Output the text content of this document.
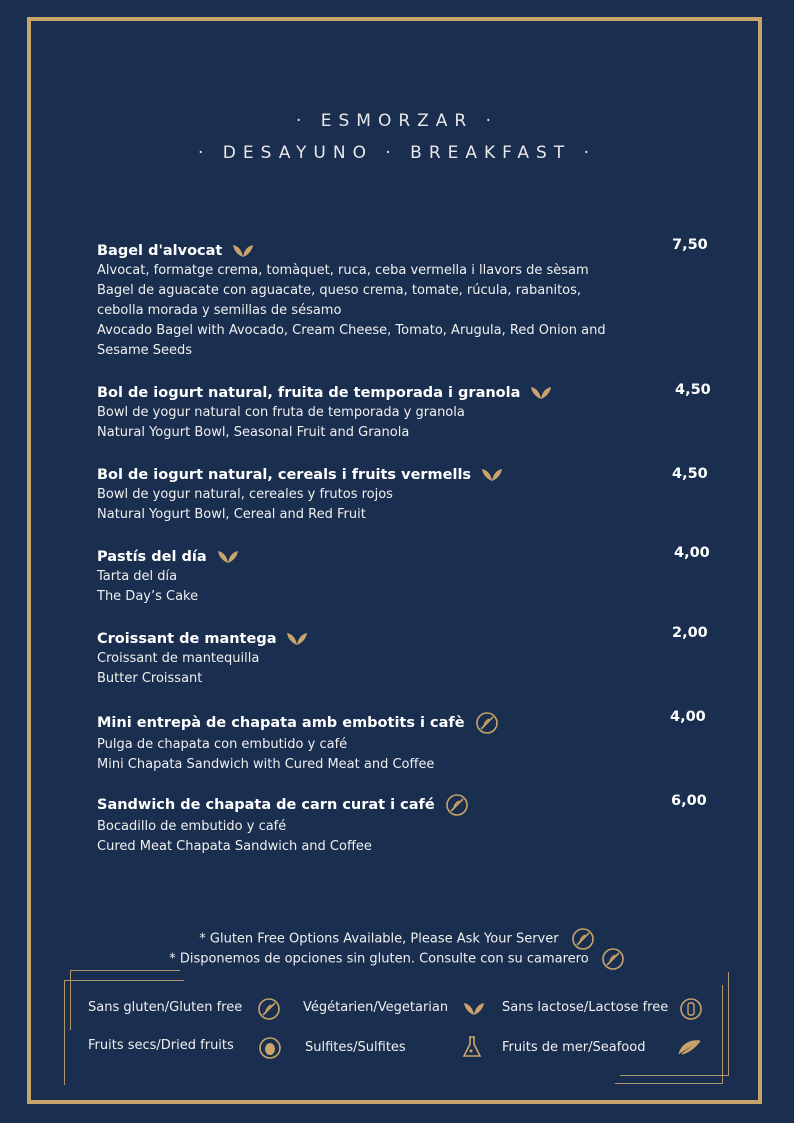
· ESMORZAR ·
· DESAYUNO · BREAKFAST ·
Bagel d'alvocat
Alvocat, formatge crema, tomàquet, ruca, ceba vermella i llavors de sèsam
Bagel de aguacate con aguacate, queso crema, tomate, rúcula, rabanitos,
cebolla morada y semillas de sésamo
Avocado Bagel with Avocado, Cream Cheese, Tomato, Arugula, Red Onion and
Sesame Seeds
7,50
Bol de iogurt natural, fruita de temporada i granola
Bowl de yogur natural con fruta de temporada y granola
Natural Yogurt Bowl, Seasonal Fruit and Granola
4,50
Bol de iogurt natural, cereals i fruits vermells
Bowl de yogur natural, cereales y frutos rojos
Natural Yogurt Bowl, Cereal and Red Fruit
4,50
Pastís del día
Tarta del día
The Day’s Cake
4,00
Croissant de mantega
Croissant de mantequilla
Butter Croissant
2,00
Mini entrepà de chapata amb embotits i cafè
Pulga de chapata con embutido y café
Mini Chapata Sandwich with Cured Meat and Coffee
4,00
Sandwich de chapata de carn curat i café
Bocadillo de embutido y café
Cured Meat Chapata Sandwich and Coffee
6,00
* Gluten Free Options Available, Please Ask Your Server
* Disponemos de opciones sin gluten. Consulte con su camarero
Sans gluten/Gluten free	Végétarien/Vegetarian	Sans lactose/Lactose free
Fruits secs/Dried fruits	Sulfites/Sulfites	Fruits de mer/Seafood
